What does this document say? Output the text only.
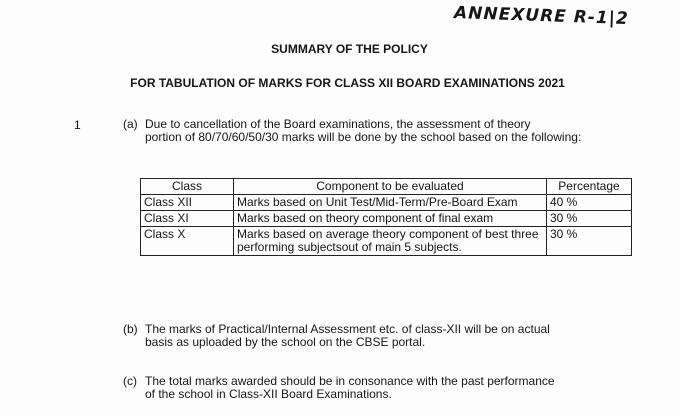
ANNEXURE R-1|2
SUMMARY OF THE POLICY
FOR TABULATION OF MARKS FOR CLASS XII BOARD EXAMINATIONS 2021
1	(a) Due to cancellation of the Board examinations, the assessment of theory
portion of 80/70/60/50/30 marks will be done by the school based on the following:
Class	Component to be evaluated	Percentage
Class XII	Marks based on Unit Test/Mid-Term/Pre-Board Exam	40 %
Class XI	Marks based on theory component of final exam	30 %
Class X	Marks based on average theory component of best three performing subjectsout of main 5 subjects.	30 %
(b) The marks of Practical/Internal Assessment etc. of class-XII will be on actual
basis as uploaded by the school on the CBSE portal.
(c) The total marks awarded should be in consonance with the past performance
of the school in Class-XII Board Examinations.
